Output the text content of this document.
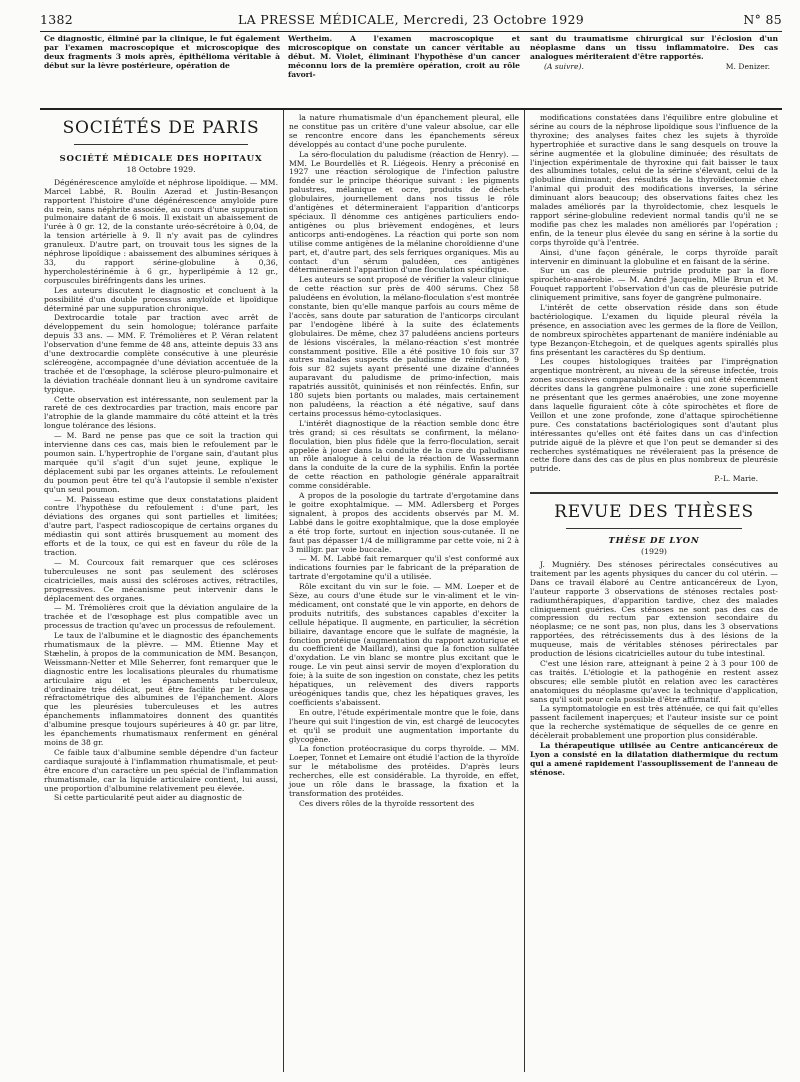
LA PRESSE MÉDICALE, Mercredi, 23 Octobre 1929
1382	N° 85

Ce diagnostic, éliminé par la clinique, le fut également par l'examen macroscopique et microscopique des deux fragments 3 mois après, épithélioma véritable à début sur la lèvre postérieure, opération de

Wertheim. A l'examen macroscopique et microscopique on constate un cancer véritable au début. M. Violet, éliminant l'hypothèse d'un cancer méconnu lors de la première opération, croit au rôle favori-

sant du traumatisme chirurgical sur l'éclosion d'un néoplasme dans un tissu inflammatoire. Des cas analogues mériteraient d'être rapportés.

(A suivre).	M. Denizer.
SOCIÉTÉS DE PARIS
SOCIÉTÉ MÉDICALE DES HOPITAUX
18 Octobre 1929.

Dégénérescence amyloïde et néphrose lipoïdique. — MM. Marcel Labbé, R. Boulin Azerad et Justin-Besançon rapportent l'histoire d'une dégénérescence amyloïde pure du rein, sans néphrite associée, au cours d'une suppuration pulmonaire datant de 6 mois. Il existait un abaissement de l'urée à 0 gr. 12, de la constante uréo-sécrétoire à 0,04, de la tension artérielle à 9. Il n'y avait pas de cylindres granuleux. D'autre part, on trouvait tous les signes de la néphrose lipoïdique : abaissement des albumines sériques à 33, du rapport sérine-globuline à 0,36, hypercholestérinémie à 6 gr., hyperlipémie à 12 gr., corpuscules biréfringents dans les urines.

Les auteurs discutent le diagnostic et concluent à la possibilité d'un double processus amyloïde et lipoïdique déterminé par une suppuration chronique.

Dextrocardie totale par traction avec arrêt de développement du sein homologue; tolérance parfaite depuis 33 ans. — MM. F. Trémolières et P. Véran relatent l'observation d'une femme de 48 ans, atteinte depuis 33 ans d'une dextrocardie complète consécutive à une pleurésie scléreogène, accompagnée d'une déviation accentuée de la trachée et de l'œsophage, la sclérose pleuro-pulmonaire et la déviation trachéale donnant lieu à un syndrome cavitaire typique.

Cette observation est intéressante, non seulement par la rareté de ces dextrocardies par traction, mais encore par l'atrophie de la glande mammaire du côté atteint et la très longue tolérance des lésions.

— M. Bard ne pense pas que ce soit la traction qui intervienne dans ces cas, mais bien le refoulement par le poumon sain. L'hypertrophie de l'organe sain, d'autant plus marquée qu'il s'agit d'un sujet jeune, explique le déplacement subi par les organes atteints. Le refoulement du poumon peut être tel qu'à l'autopsie il semble n'exister qu'un seul poumon.

— M. Paisseau estime que deux constatations plaident contre l'hypothèse du refoulement : d'une part, les déviations des organes qui sont partielles et limitées; d'autre part, l'aspect radioscopique de certains organes du médiastin qui sont attirés brusquement au moment des efforts et de la toux, ce qui est en faveur du rôle de la traction.

— M. Courcoux fait remarquer que ces scléroses tuberculeuses ne sont pas seulement des scléroses cicatricielles, mais aussi des scléroses actives, rétractiles, progressives. Ce mécanisme peut intervenir dans le déplacement des organes.

— M. Trémolières croit que la déviation angulaire de la trachée et de l'œsophage est plus compatible avec un processus de traction qu'avec un processus de refoulement.

Le taux de l'albumine et le diagnostic des épanchements rhumatismaux de la plèvre. — MM. Étienne May et Stæhelin, à propos de la communication de MM. Besançon, Weissmann-Netter et Mlle Seherrer, font remarquer que le diagnostic entre les localisations pleurales du rhumatisme articulaire aigu et les épanchements tuberculeux, d'ordinaire très délicat, peut être facilité par le dosage réfractométrique des albumines de l'épanchement. Alors que les pleurésies tuberculeuses et les autres épanchements inflammatoires donnent des quantités d'albumine presque toujours supérieures à 40 gr. par litre, les épanchements rhumatismaux renferment en général moins de 38 gr.

Ce faible taux d'albumine semble dépendre d'un facteur cardiaque surajouté à l'inflammation rhumatismale, et peut-être encore d'un caractère un peu spécial de l'inflammation rhumatismale, car la liquide articulaire contient, lui aussi, une proportion d'albumine relativement peu élevée.

Si cette particularité peut aider au diagnostic de

la nature rhumatismale d'un épanchement pleural, elle ne constitue pas un critère d'une valeur absolue, car elle se rencontre encore dans les épanchements séreux développés au contact d'une poche purulente.

La séro-floculation du paludisme (réaction de Henry). — MM. Le Bourdellès et R. Liégeois. Henry a préconisé en 1927 une réaction sérologique de l'infection palustre fondée sur le principe théorique suivant : les pigments palustres, mélanique et ocre, produits de déchets globulaires, journellement dans nos tissus le rôle d'antigènes et détermineraient l'apparition d'anticorps spéciaux. Il dénomme ces antigènes particuliers endo-antigènes ou plus brièvement endogènes, et leurs anticorps anti-endogènes. La réaction qui porte son nom utilise comme antigènes de la mélanine choroïdienne d'une part, et, d'autre part, des sels ferriques organiques. Mis au contact d'un sérum paludéen, ces antigènes détermineraient l'apparition d'une floculation spécifique.

Les auteurs se sont proposé de vérifier la valeur clinique de cette réaction sur près de 400 sérums. Chez 58 paludéens en évolution, la mélano-floculation s'est montrée constante, bien qu'elle manque parfois au cours même de l'accès, sans doute par saturation de l'anticorps circulant par l'endogène libéré à la suite des éclatements globulaires. De même, chez 37 paludéens anciens porteurs de lésions viscérales, la mélano-réaction s'est montrée constamment positive. Elle a été positive 10 fois sur 37 autres malades suspects de paludisme de réinfection, 9 fois sur 82 sujets ayant présenté une dizaine d'années auparavant du paludisme de primo-infection, mais rapatriés aussitôt, quininisés et non réinfectés. Enfin, sur 180 sujets bien portants ou malades, mais certainement non paludéens, la réaction a été négative, sauf dans certains processus hémo-cytoclasiques.

L'intérêt diagnostique de la réaction semble donc être très grand; si ces résultats se confirment, la mélano-floculation, bien plus fidèle que la ferro-floculation, serait appelée à jouer dans la conduite de la cure du paludisme un rôle analogue à celui de la réaction de Wassermann dans la conduite de la cure de la syphilis. Enfin la portée de cette réaction en pathologie générale apparaîtrait comme considérable.

A propos de la posologie du tartrate d'ergotamine dans le goitre exophtalmique. — MM. Adlersberg et Porges signalent, à propos des accidents observés par M. M. Labbé dans le goitre exophtalmique, que la dose employée a été trop forte, surtout en injection sous-cutanée. Il ne faut pas dépasser 1/4 de milligramme par cette voie, ni 2 à 3 milligr. par voie buccale.

— M. M. Labbé fait remarquer qu'il s'est conformé aux indications fournies par le fabricant de la préparation de tartrate d'ergotamine qu'il a utilisée.

Rôle excitant du vin sur le foie. — MM. Loeper et de Sèze, au cours d'une étude sur le vin-aliment et le vin-médicament, ont constaté que le vin apporte, en dehors de produits nutritifs, des substances capables d'exciter la cellule hépatique. Il augmente, en particulier, la sécrétion biliaire, davantage encore que le sulfate de magnésie, la fonction protéique (augmentation du rapport azoturique et du coefficient de Maillard), ainsi que la fonction sulfatée d'oxydation. Le vin blanc se montre plus excitant que le rouge. Le vin peut ainsi servir de moyen d'exploration du foie; à la suite de son ingestion on constate, chez les petits hépatiques, un relèvement des divers rapports uréogéniques tandis que, chez les hépatiques graves, les coefficients s'abaissent.

En outre, l'étude expérimentale montre que le foie, dans l'heure qui suit l'ingestion de vin, est chargé de leucocytes et qu'il se produit une augmentation importante du glycogène.

La fonction protéocrasique du corps thyroïde. — MM. Loeper, Tonnet et Lemaire ont étudié l'action de la thyroïde sur le métabolisme des protéides. D'après leurs recherches, elle est considérable. La thyroïde, en effet, joue un rôle dans le brassage, la fixation et la transformation des protéides.

Ces divers rôles de la thyroïde ressortent des

modifications constatées dans l'équilibre entre globuline et sérine au cours de la néphrose lipoïdique sous l'influence de la thyroxine; des analyses faites chez les sujets à thyroïde hypertrophiée et suractive dans le sang desquels on trouve la sérine augmentée et la globuline diminuée; des résultats de l'injection expérimentale de thyroxine qui fait baisser le taux des albumines totales, celui de la sérine s'élevant, celui de la globuline diminuant; des résultats de la thyroïdectomie chez l'animal qui produit des modifications inverses, la sérine diminuant alors beaucoup; des observations faites chez les malades améliorés par la thyroïdectomie, chez lesquels le rapport sérine-globuline redevient normal tandis qu'il ne se modifie pas chez les malades non améliorés par l'opération ; enfin, de la teneur plus élevée du sang en sérine à la sortie du corps thyroïde qu'à l'entrée.

Ainsi, d'une façon générale, le corps thyroïde paraît intervenir en diminuant la globuline et en faisant de la sérine.

Sur un cas de pleurésie putride produite par la flore spirochéto-anaérobie. — M. André Jacquelin, Mlle Brun et M. Fouquet rapportent l'observation d'un cas de pleurésie putride cliniquement primitive, sans foyer de gangrène pulmonaire.

L'intérêt de cette observation réside dans son étude bactériologique. L'examen du liquide pleural révéla la présence, en association avec les germes de la flore de Veillon, de nombreux spirochètes appartenant de manière indéniable au type Bezançon-Etchegoin, et de quelques agents spirallés plus fins présentant les caractères du Sp dentium.

Les coupes histologiques traitées par l'imprégnation argentique montrèrent, au niveau de la séreuse infectée, trois zones successives comparables à celles qui ont été récemment décrites dans la gangrène pulmonaire : une zone superficielle ne présentant que les germes anaérobies, une zone moyenne dans laquelle figuraient côte à côte spirochètes et flore de Veillon et une zone profonde, zone d'attaque spirochétienne pure. Ces constatations bactériologiques sont d'autant plus intéressantes qu'elles ont été faites dans un cas d'infection putride aiguë de la plèvre et que l'on peut se demander si des recherches systématiques ne révéleraient pas la présence de cette flore dans des cas de plus en plus nombreux de pleurésie putride.

P.-L. Marie.

REVUE DES THÈSES
THÈSE DE LYON
(1929)

J. Mugniéry. Des sténoses périrectales consécutives au traitement par les agents physiques du cancer du col utérin. — Dans ce travail élaboré au Centre anticancéreux de Lyon, l'auteur rapporte 3 observations de sténoses rectales post-radiumthérapiques, d'apparition tardive, chez des malades cliniquement guéries. Ces sténoses ne sont pas des cas de compression du rectum par extension secondaire du néoplasme; ce ne sont pas, non plus, dans les 3 observations rapportées, des rétrécissements dus à des lésions de la muqueuse, mais de véritables sténoses périrectales par production de lésions cicatricielles autour du tube intestinal.

C'est une lésion rare, atteignant à peine 2 à 3 pour 100 de cas traités. L'étiologie et la pathogénie en restent assez obscures; elle semble plutôt en relation avec les caractères anatomiques du néoplasme qu'avec la technique d'application, sans qu'il soit pour cela possible d'être affirmatif.

La symptomatologie en est très atténuée, ce qui fait qu'elles passent facilement inaperçues; et l'auteur insiste sur ce point que la recherche systématique de séquelles de ce genre en décèlerait probablement une proportion plus considérable.

La thérapeutique utilisée au Centre anticancéreux de Lyon a consisté en la dilatation diathermique du rectum qui a amené rapidement l'assouplissement de l'anneau de sténose.
